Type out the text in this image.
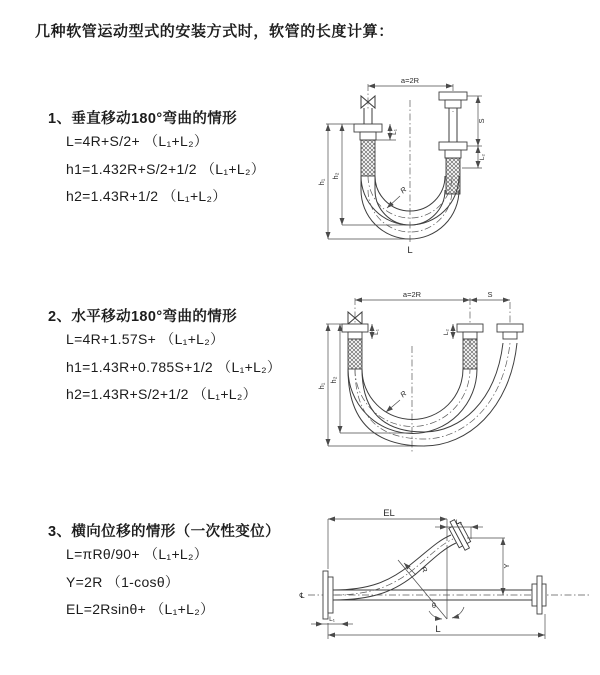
几种软管运动型式的安装方式时，软管的长度计算：
1、垂直移动180°弯曲的情形
L=4R+S/2+ （L₁+L₂）
h1=1.432R+S/2+1/2 （L₁+L₂）
h2=1.43R+1/2 （L₁+L₂）
a=2R
h₂
h₁
L₁
S
L₂
R
L
2、水平移动180°弯曲的情形
L=4R+1.57S+ （L₁+L₂）
h1=1.43R+0.785S+1/2 （L₁+L₂）
h2=1.43R+S/2+1/2 （L₁+L₂）
a=2R	S
h₂
h₁
L₁	L₂
R
3、横向位移的情形（一次性变位）
L=πRθ/90+ （L₁+L₂）
Y=2R （1-cosθ）
EL=2Rsinθ+ （L₁+L₂）
℄
EL
L₂
Y
θ
R
L₁
L
